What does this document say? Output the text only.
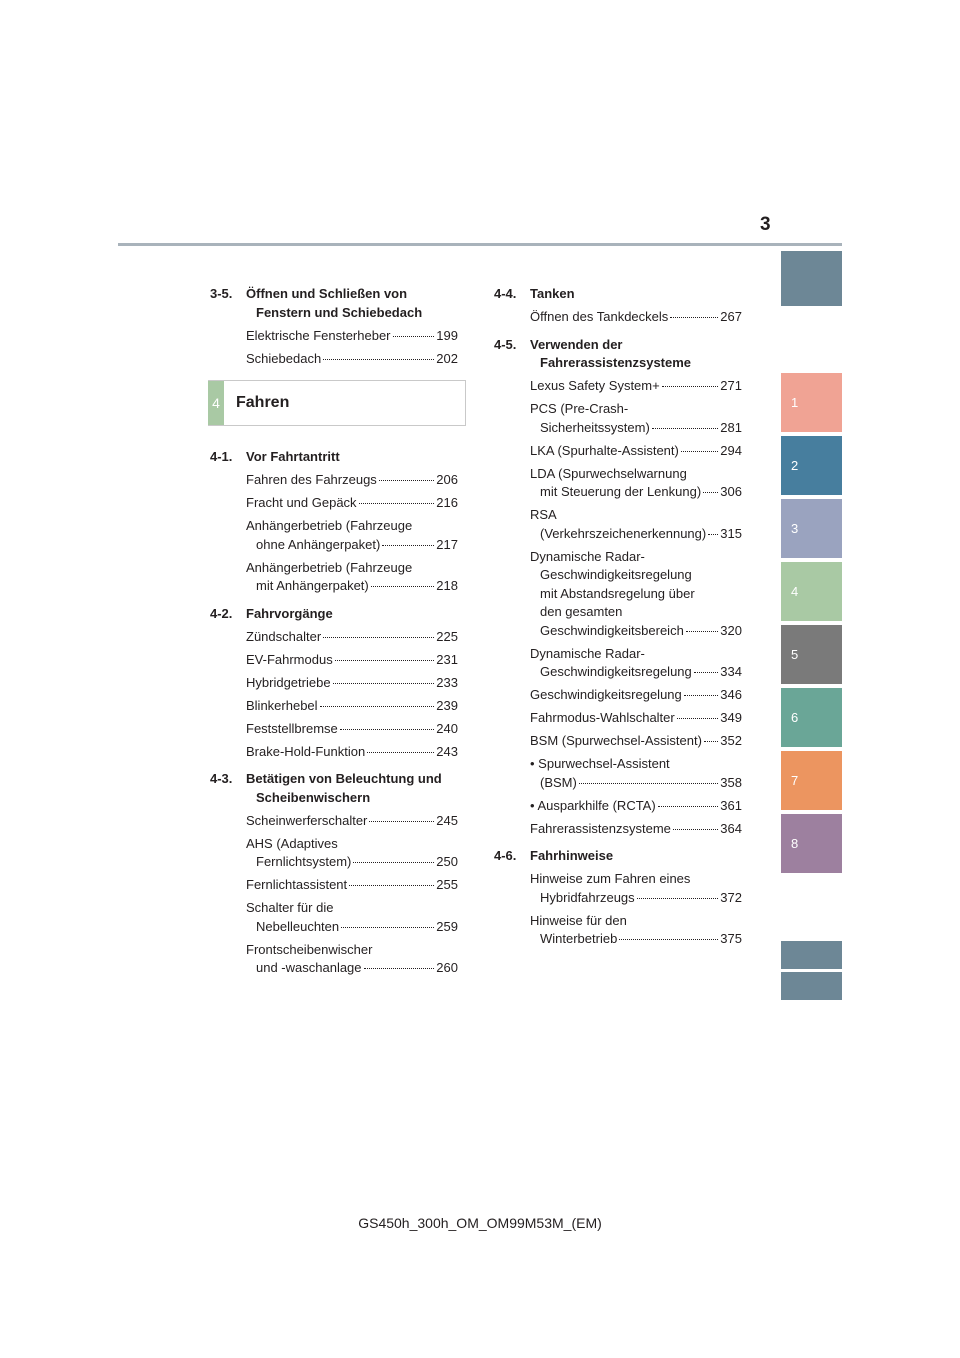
3
1
2
3
4
5
6
7
8
3-5. Öffnen und Schließen von Fenstern und Schiebedach
Elektrische Fensterheber	199
Schiebedach	202
4 Fahren
4-1. Vor Fahrtantritt
Fahren des Fahrzeugs	206
Fracht und Gepäck	216
Anhängerbetrieb (Fahrzeuge
ohne Anhängerpaket)	217
Anhängerbetrieb (Fahrzeuge
mit Anhängerpaket)	218
4-2. Fahrvorgänge
Zündschalter	225
EV-Fahrmodus	231
Hybridgetriebe	233
Blinkerhebel	239
Feststellbremse	240
Brake-Hold-Funktion	243
4-3. Betätigen von Beleuchtung und Scheibenwischern
Scheinwerferschalter	245
AHS (Adaptives
Fernlichtsystem)	250
Fernlichtassistent	255
Schalter für die
Nebelleuchten	259
Frontscheibenwischer
und -waschanlage	260
4-4. Tanken
Öffnen des Tankdeckels	267
4-5. Verwenden der Fahrerassistenzsysteme
Lexus Safety System+	271
PCS (Pre-Crash-
Sicherheitssystem)	281
LKA (Spurhalte-Assistent)	294
LDA (Spurwechselwarnung
mit Steuerung der Lenkung) 306
RSA
(Verkehrszeichenerkennung) 315
Dynamische Radar-
Geschwindigkeitsregelung
mit Abstandsregelung über
den gesamten
Geschwindigkeitsbereich	320
Dynamische Radar-
Geschwindigkeitsregelung 334
Geschwindigkeitsregelung	346
Fahrmodus-Wahlschalter	349
BSM (Spurwechsel-Assistent) 352
• Spurwechsel-Assistent
(BSM)	358
• Ausparkhilfe (RCTA)	361
Fahrerassistenzsysteme	364
4-6. Fahrhinweise
Hinweise zum Fahren eines
Hybridfahrzeugs	372
Hinweise für den
Winterbetrieb	375
GS450h_300h_OM_OM99M53M_(EM)
